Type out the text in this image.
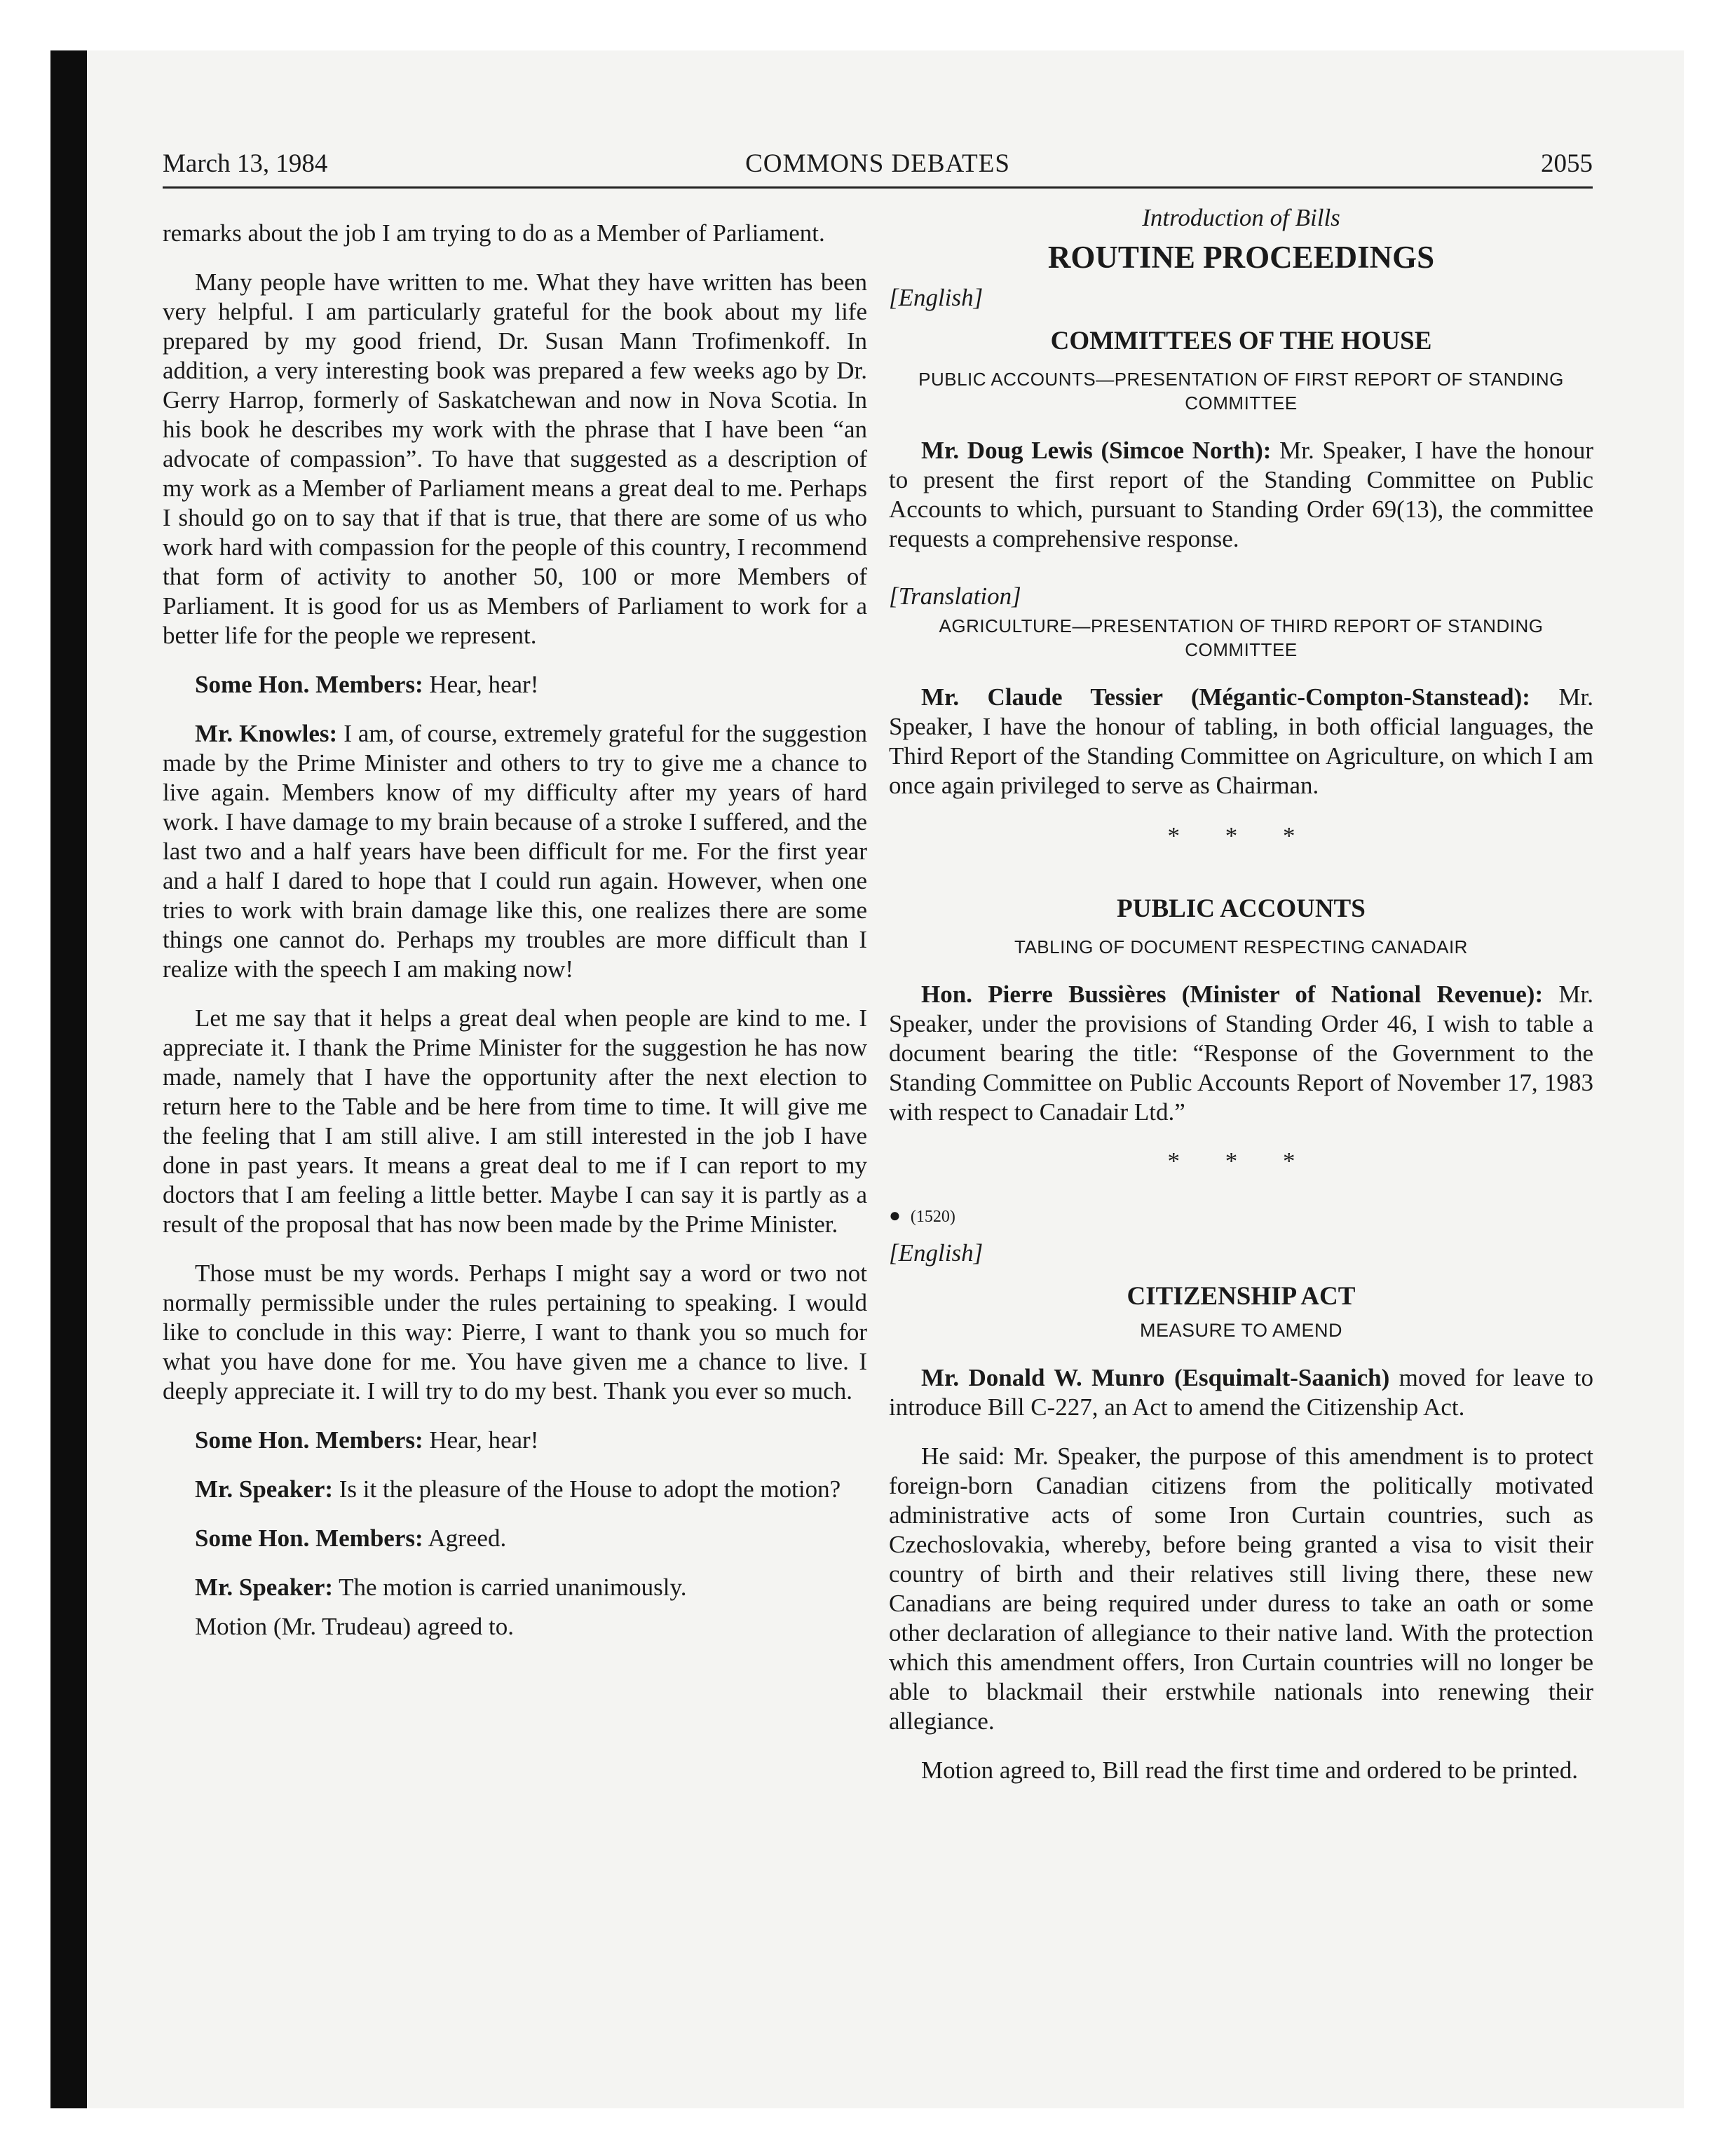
March 13, 1984	COMMONS DEBATES	2055

remarks about the job I am trying to do as a Member of Parliament.

Many people have written to me. What they have written has been very helpful. I am particularly grateful for the book about my life prepared by my good friend, Dr. Susan Mann Trofimenkoff. In addition, a very interesting book was prepared a few weeks ago by Dr. Gerry Harrop, formerly of Saskatchewan and now in Nova Scotia. In his book he describes my work with the phrase that I have been “an advocate of compassion”. To have that suggested as a description of my work as a Member of Parliament means a great deal to me. Perhaps I should go on to say that if that is true, that there are some of us who work hard with compassion for the people of this country, I recommend that form of activity to another 50, 100 or more Members of Parliament. It is good for us as Members of Parliament to work for a better life for the people we represent.

Some Hon. Members: Hear, hear!

Mr. Knowles: I am, of course, extremely grateful for the suggestion made by the Prime Minister and others to try to give me a chance to live again. Members know of my difficulty after my years of hard work. I have damage to my brain because of a stroke I suffered, and the last two and a half years have been difficult for me. For the first year and a half I dared to hope that I could run again. However, when one tries to work with brain damage like this, one realizes there are some things one cannot do. Perhaps my troubles are more difficult than I realize with the speech I am making now!

Let me say that it helps a great deal when people are kind to me. I appreciate it. I thank the Prime Minister for the suggestion he has now made, namely that I have the opportunity after the next election to return here to the Table and be here from time to time. It will give me the feeling that I am still alive. I am still interested in the job I have done in past years. It means a great deal to me if I can report to my doctors that I am feeling a little better. Maybe I can say it is partly as a result of the proposal that has now been made by the Prime Minister.

Those must be my words. Perhaps I might say a word or two not normally permissible under the rules pertaining to speaking. I would like to conclude in this way: Pierre, I want to thank you so much for what you have done for me. You have given me a chance to live. I deeply appreciate it. I will try to do my best. Thank you ever so much.

Some Hon. Members: Hear, hear!

Mr. Speaker: Is it the pleasure of the House to adopt the motion?

Some Hon. Members: Agreed.

Mr. Speaker: The motion is carried unanimously.

Motion (Mr. Trudeau) agreed to.

Introduction of Bills
ROUTINE PROCEEDINGS
[English]
COMMITTEES OF THE HOUSE
PUBLIC ACCOUNTS—PRESENTATION OF FIRST REPORT OF STANDING COMMITTEE

Mr. Doug Lewis (Simcoe North): Mr. Speaker, I have the honour to present the first report of the Standing Committee on Public Accounts to which, pursuant to Standing Order 69(13), the committee requests a comprehensive response.

[Translation]
AGRICULTURE—PRESENTATION OF THIRD REPORT OF STANDING COMMITTEE

Mr. Claude Tessier (Mégantic-Compton-Stanstead): Mr. Speaker, I have the honour of tabling, in both official languages, the Third Report of the Standing Committee on Agriculture, on which I am once again privileged to serve as Chairman.

* * *
PUBLIC ACCOUNTS
TABLING OF DOCUMENT RESPECTING CANADAIR

Hon. Pierre Bussières (Minister of National Revenue): Mr. Speaker, under the provisions of Standing Order 46, I wish to table a document bearing the title: “Response of the Government to the Standing Committee on Public Accounts Report of November 17, 1983 with respect to Canadair Ltd.”

* * *
● (1520)
[English]
CITIZENSHIP ACT
MEASURE TO AMEND

Mr. Donald W. Munro (Esquimalt-Saanich) moved for leave to introduce Bill C-227, an Act to amend the Citizenship Act.

He said: Mr. Speaker, the purpose of this amendment is to protect foreign-born Canadian citizens from the politically motivated administrative acts of some Iron Curtain countries, such as Czechoslovakia, whereby, before being granted a visa to visit their country of birth and their relatives still living there, these new Canadians are being required under duress to take an oath or some other declaration of allegiance to their native land. With the protection which this amendment offers, Iron Curtain countries will no longer be able to blackmail their erstwhile nationals into renewing their allegiance.

Motion agreed to, Bill read the first time and ordered to be printed.
